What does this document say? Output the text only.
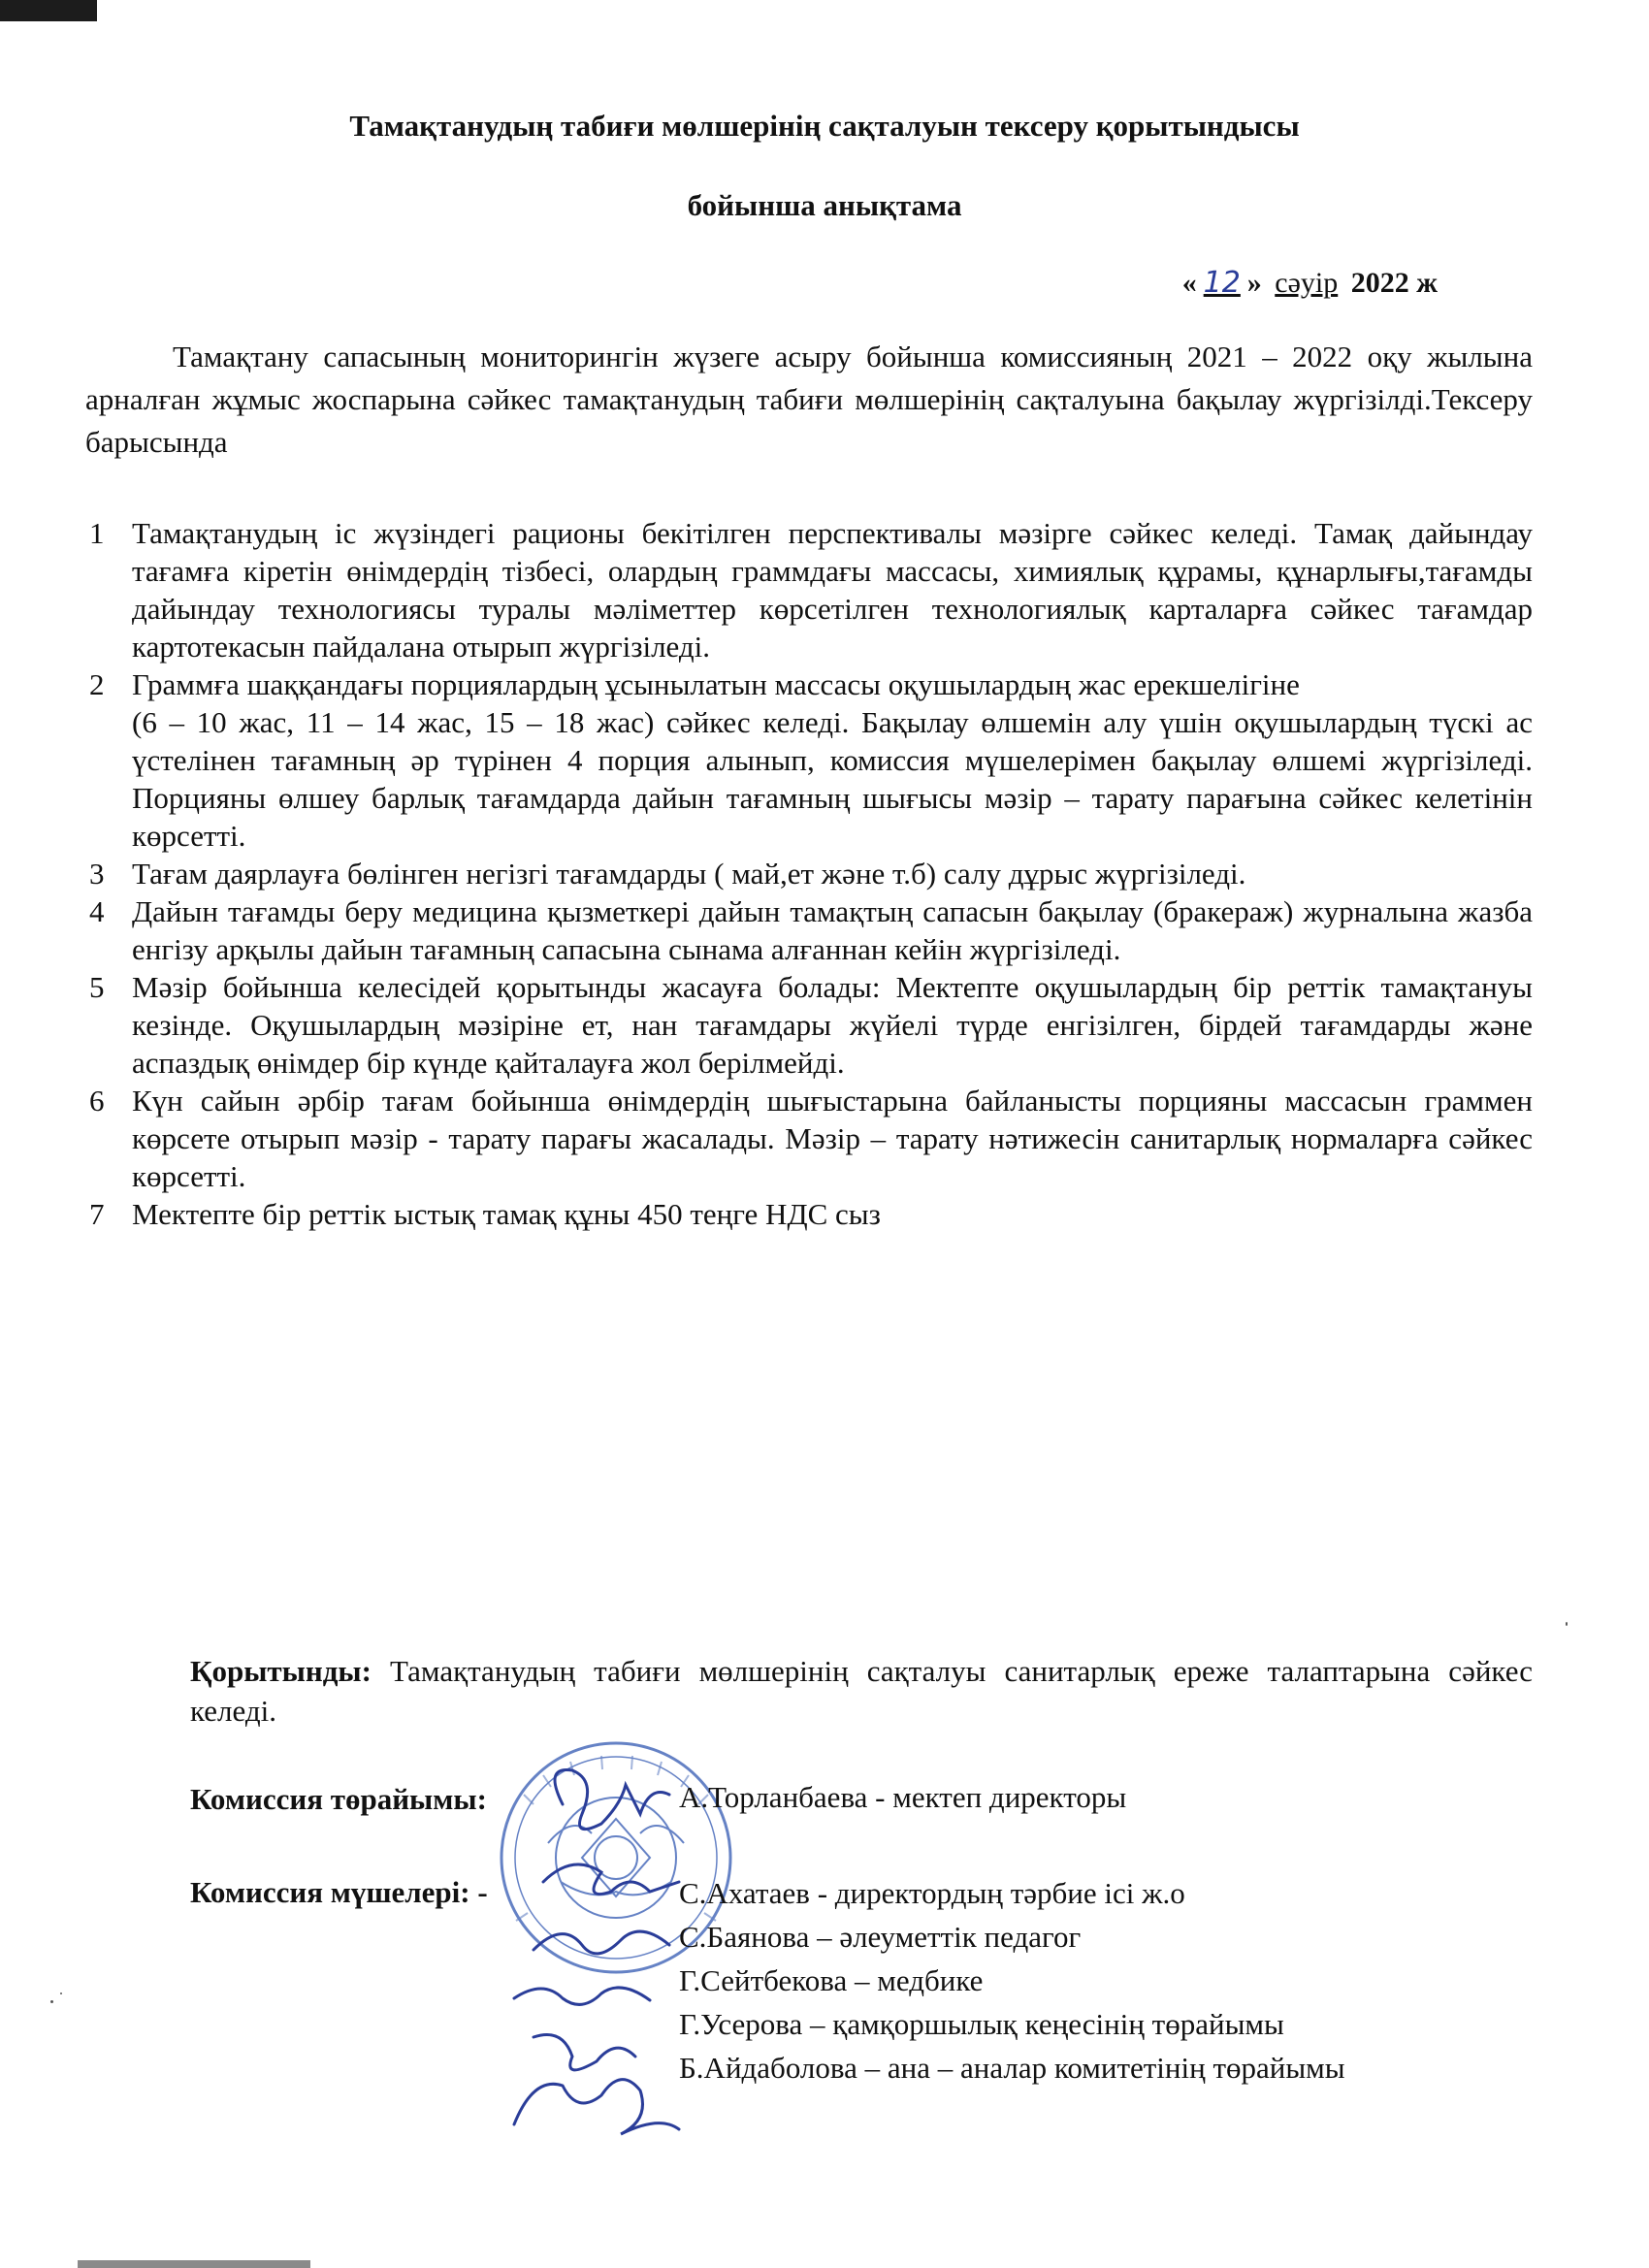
Тамақтанудың табиғи мөлшерінің сақталуын тексеру қорытындысы
бойынша анықтама
« 12 » сәуір 2022 ж
Тамақтану сапасының мониторингін жүзеге асыру бойынша комиссияның 2021 – 2022 оқу жылына арналған жұмыс жоспарына сәйкес тамақтанудың табиғи мөлшерінің сақталуына бақылау жүргізілді.Тексеру барысында
1 Тамақтанудың іс жүзіндегі рационы бекітілген перспективалы мәзірге сәйкес келеді. Тамақ дайындау тағамға кіретін өнімдердің тізбесі, олардың граммдағы массасы, химиялық құрамы, құнарлығы,тағамды дайындау технологиясы туралы мәліметтер көрсетілген технологиялық карталарға сәйкес тағамдар картотекасын пайдалана отырып жүргізіледі.
2 Граммға шаққандағы порциялардың ұсынылатын массасы оқушылардың жас ерекшелігіне
(6 – 10 жас, 11 – 14 жас, 15 – 18 жас) сәйкес келеді. Бақылау өлшемін алу үшін оқушылардың түскі ас үстелінен тағамның әр түрінен 4 порция алынып, комиссия мүшелерімен бақылау өлшемі жүргізіледі. Порцияны өлшеу барлық тағамдарда дайын тағамның шығысы мәзір – тарату парағына сәйкес келетінін көрсетті.
3 Тағам даярлауға бөлінген негізгі тағамдарды ( май,ет және т.б) салу дұрыс жүргізіледі.
4 Дайын тағамды беру медицина қызметкері дайын тамақтың сапасын бақылау (бракераж) журналына жазба енгізу арқылы дайын тағамның сапасына сынама алғаннан кейін жүргізіледі.
5 Мәзір бойынша келесідей қорытынды жасауға болады: Мектепте оқушылардың бір реттік тамақтануы кезінде. Оқушылардың мәзіріне ет, нан тағамдары жүйелі түрде енгізілген, бірдей тағамдарды және аспаздық өнімдер бір күнде қайталауға жол берілмейді.
6 Күн сайын әрбір тағам бойынша өнімдердің шығыстарына байланысты порцияны массасын граммен көрсете отырып мәзір - тарату парағы жасалады. Мәзір – тарату нәтижесін санитарлық нормаларға сәйкес көрсетті.
7 Мектепте бір реттік ыстық тамақ құны 450 теңге НДС сыз
Қорытынды: Тамақтанудың табиғи мөлшерінің сақталуы санитарлық ереже талаптарына сәйкес келеді.
Комиссия төрайымы:	А.Торланбаева - мектеп директоры
Комиссия мүшелері: -	С.Ахатаев - директордың тәрбие ісі ж.о
С.Баянова – әлеуметтік педагог
Г.Сейтбекова – медбике
Г.Усерова – қамқоршылық кеңесінің төрайымы
Б.Айдаболова – ана – аналар комитетінің төрайымы
